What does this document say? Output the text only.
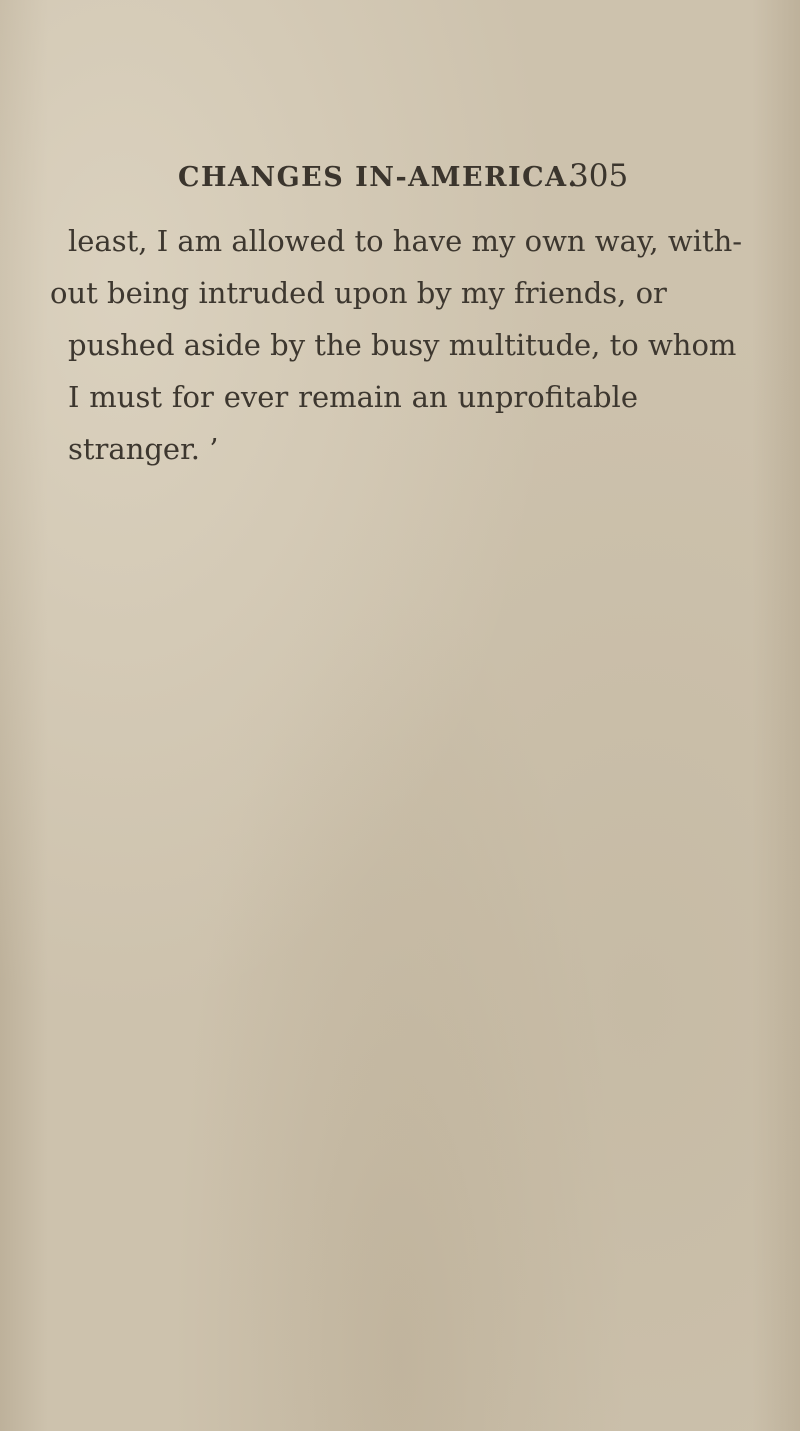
CHANGES IN-AMERICA.
305
least, I am allowed to have my own way, with-
out being intruded upon by my friends, or
pushed aside by the busy multitude, to whom
I must for ever remain an unprofitable
stranger. ’
